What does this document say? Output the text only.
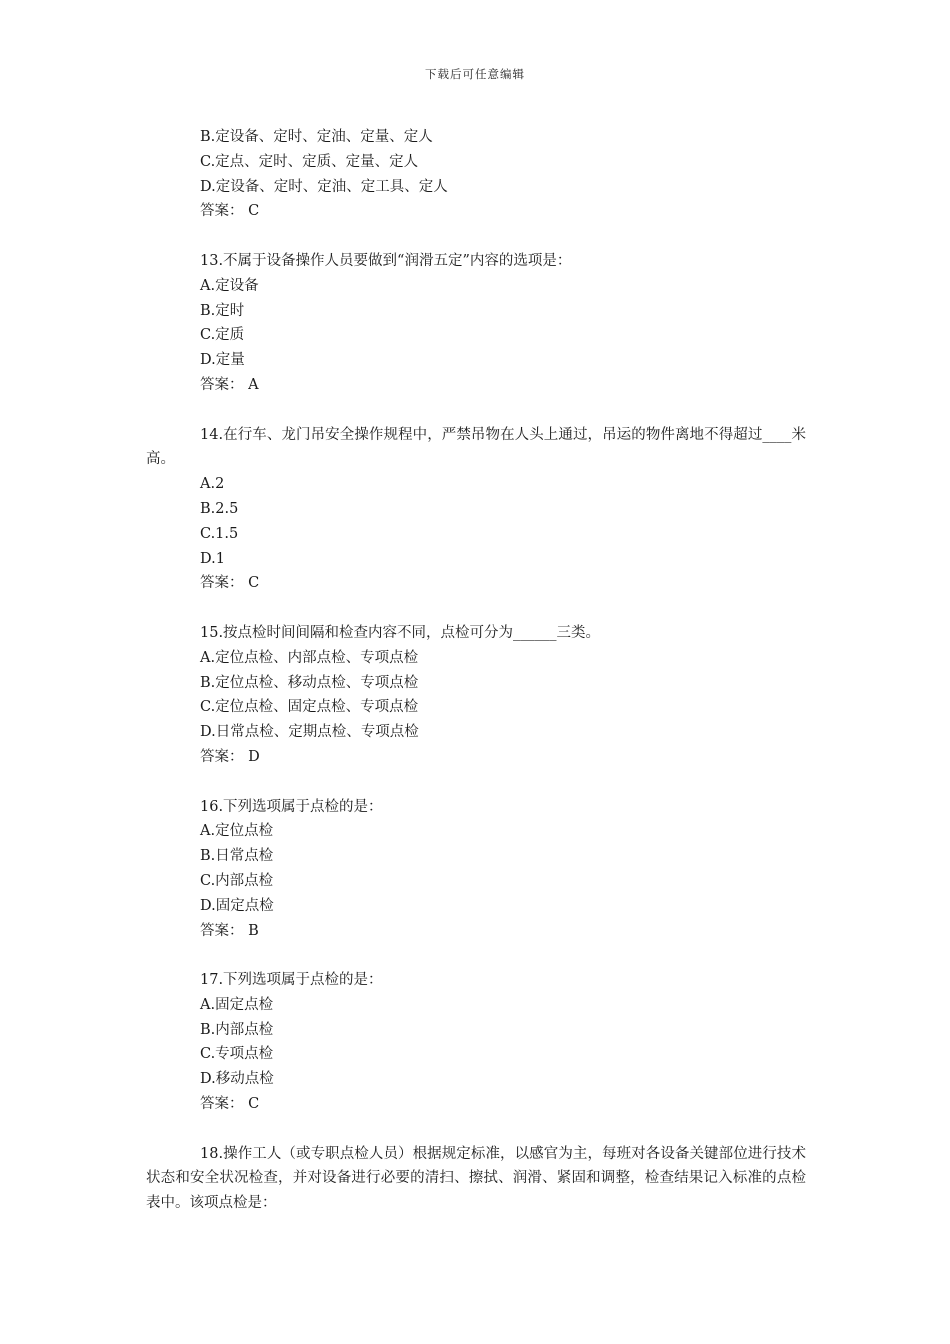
下载后可任意编辑
B.定设备、定时、定油、定量、定人
C.定点、定时、定质、定量、定人
D.定设备、定时、定油、定工具、定人
答案： C
13.不属于设备操作人员要做到“润滑五定”内容的选项是：
A.定设备
B.定时
C.定质
D.定量
答案： A
14.在行车、龙门吊安全操作规程中，严禁吊物在人头上通过，吊运的物件离地不得超过____米高。
A.2
B.2.5
C.1.5
D.1
答案： C
15.按点检时间间隔和检查内容不同，点检可分为______三类。
A.定位点检、内部点检、专项点检
B.定位点检、移动点检、专项点检
C.定位点检、固定点检、专项点检
D.日常点检、定期点检、专项点检
答案： D
16.下列选项属于点检的是：
A.定位点检
B.日常点检
C.内部点检
D.固定点检
答案： B
17.下列选项属于点检的是：
A.固定点检
B.内部点检
C.专项点检
D.移动点检
答案： C
18.操作工人（或专职点检人员）根据规定标准，以感官为主，每班对各设备关键部位进行技术状态和安全状况检查，并对设备进行必要的清扫、擦拭、润滑、紧固和调整，检查结果记入标准的点检表中。该项点检是：
